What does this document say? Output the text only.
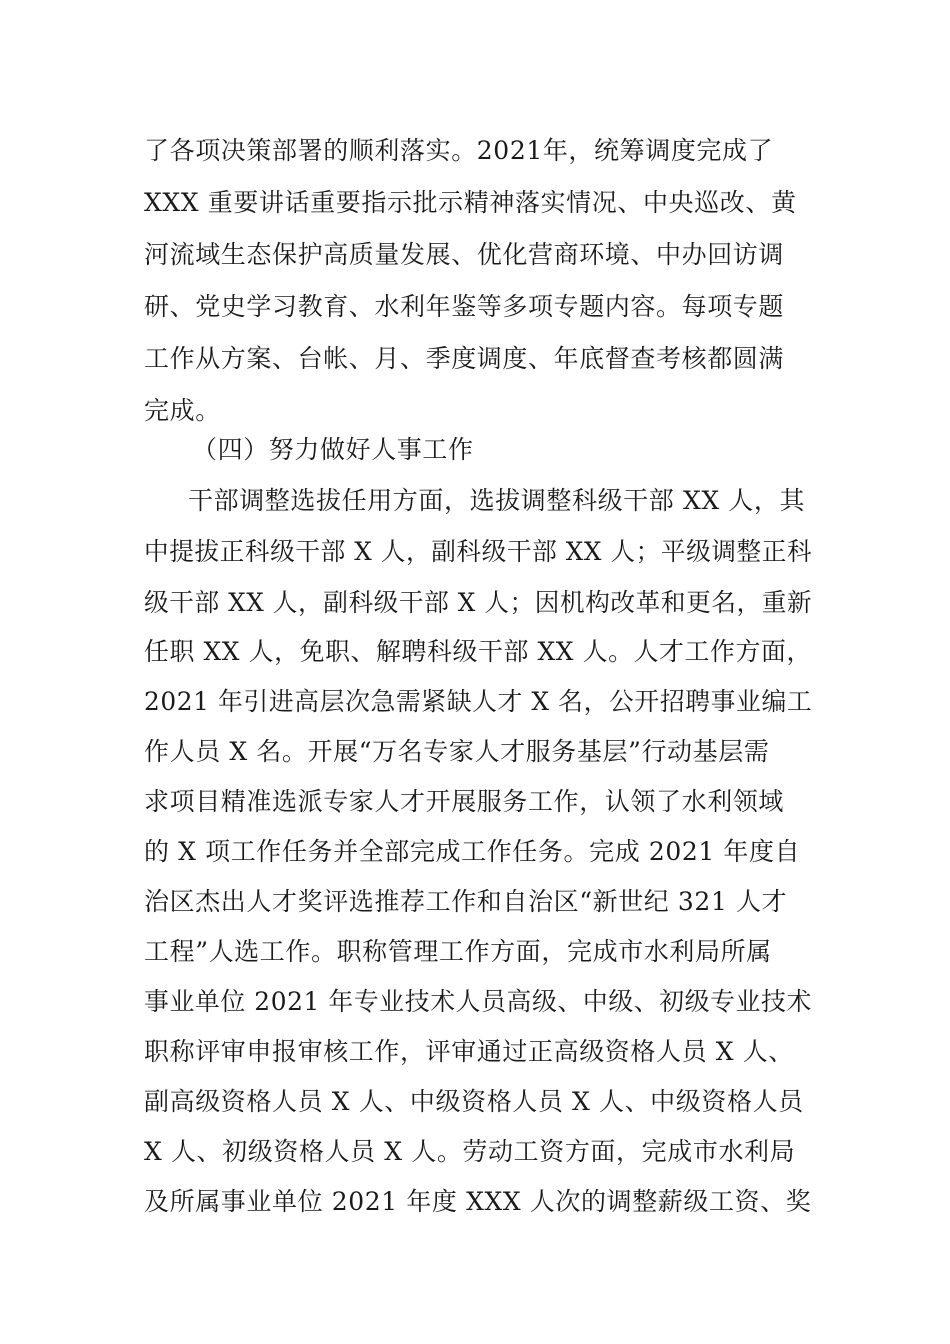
了各项决策部署的顺利落实。2021年，统筹调度完成了
XXX 重要讲话重要指示批示精神落实情况、中央巡改、黄
河流域生态保护高质量发展、优化营商环境、中办回访调
研、党史学习教育、水利年鉴等多项专题内容。每项专题
工作从方案、台帐、月、季度调度、年底督查考核都圆满
完成。
（四）努力做好人事工作
干部调整选拔任用方面，选拔调整科级干部 XX 人，其
中提拔正科级干部 X 人，副科级干部 XX 人；平级调整正科
级干部 XX 人，副科级干部 X 人；因机构改革和更名，重新
任职 XX 人，免职、解聘科级干部 XX 人。人才工作方面，
2021 年引进高层次急需紧缺人才 X 名，公开招聘事业编工
作人员 X 名。开展“万名专家人才服务基层”行动基层需
求项目精准选派专家人才开展服务工作，认领了水利领域
的 X 项工作任务并全部完成工作任务。完成 2021 年度自
治区杰出人才奖评选推荐工作和自治区“新世纪 321 人才
工程”人选工作。职称管理工作方面，完成市水利局所属
事业单位 2021 年专业技术人员高级、中级、初级专业技术
职称评审申报审核工作，评审通过正高级资格人员 X 人、
副高级资格人员 X 人、中级资格人员 X 人、中级资格人员
X 人、初级资格人员 X 人。劳动工资方面，完成市水利局
及所属事业单位 2021 年度 XXX 人次的调整薪级工资、奖
